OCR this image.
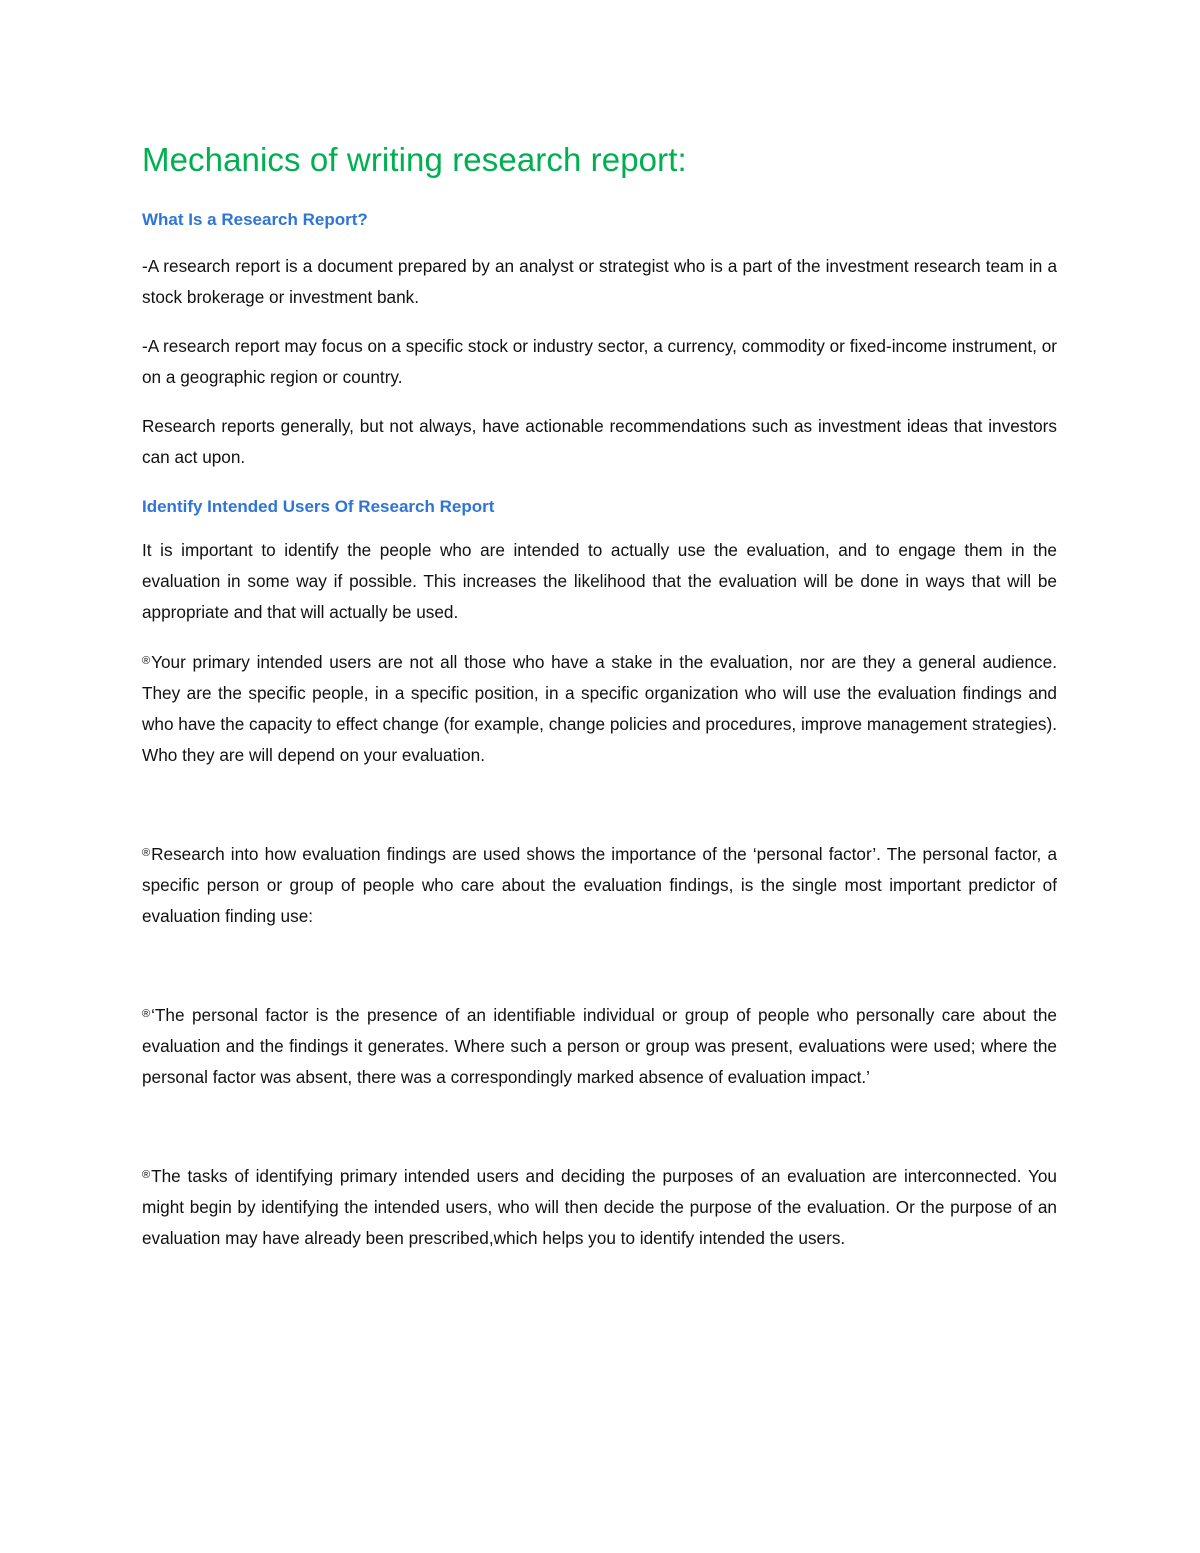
Mechanics of writing research report:
What Is a Research Report?

-A research report is a document prepared by an analyst or strategist who is a part of the investment research team in a stock brokerage or investment bank.

-A research report may focus on a specific stock or industry sector, a currency, commodity or fixed-income instrument, or on a geographic region or country.

Research reports generally, but not always, have actionable recommendations such as investment ideas that investors can act upon.

Identify Intended Users Of Research Report

It is important to identify the people who are intended to actually use the evaluation, and to engage them in the evaluation in some way if possible. This increases the likelihood that the evaluation will be done in ways that will be appropriate and that will actually be used.

®Your primary intended users are not all those who have a stake in the evaluation, nor are they a general audience. They are the specific people, in a specific position, in a specific organization who will use the evaluation findings and who have the capacity to effect change (for example, change policies and procedures, improve management strategies). Who they are will depend on your evaluation.

®Research into how evaluation findings are used shows the importance of the ‘personal factor’. The personal factor, a specific person or group of people who care about the evaluation findings, is the single most important predictor of evaluation finding use:

®‘The personal factor is the presence of an identifiable individual or group of people who personally care about the evaluation and the findings it generates. Where such a person or group was present, evaluations were used; where the personal factor was absent, there was a correspondingly marked absence of evaluation impact.’

®The tasks of identifying primary intended users and deciding the purposes of an evaluation are interconnected. You might begin by identifying the intended users, who will then decide the purpose of the evaluation. Or the purpose of an evaluation may have already been prescribed,which helps you to identify intended the users.
